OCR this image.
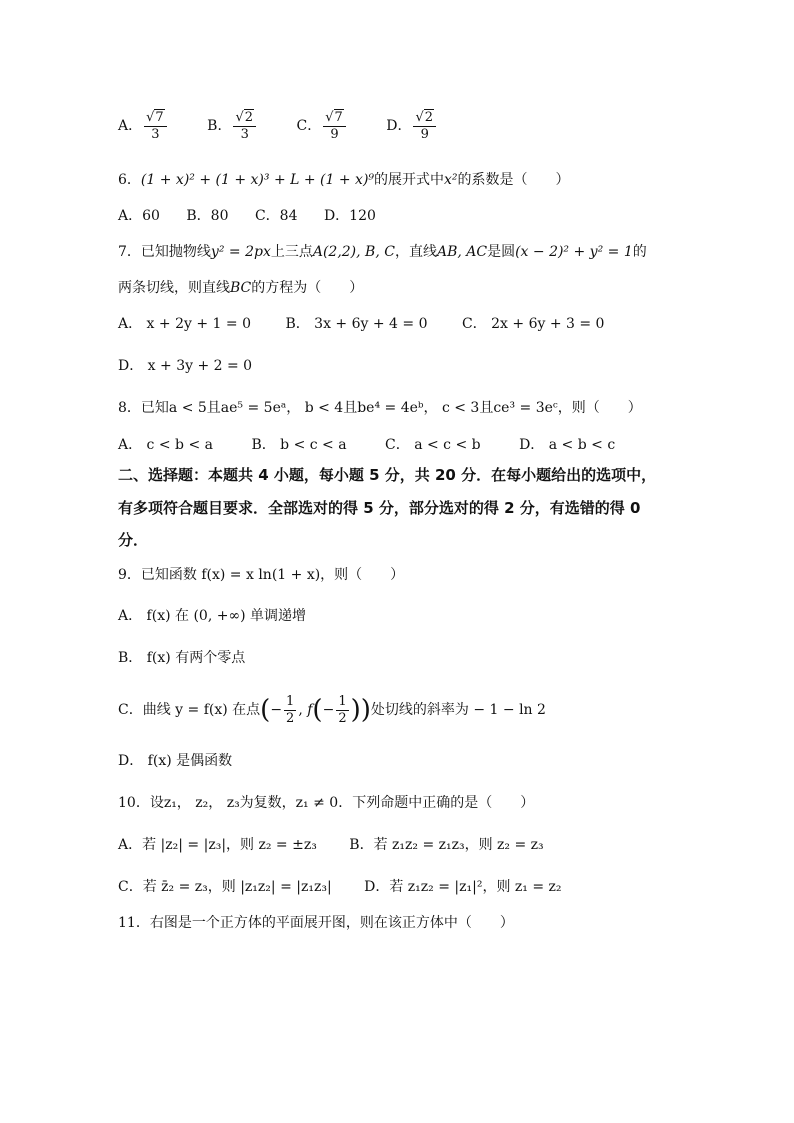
A． $\frac{√7}{3}$	B． $\frac{√2}{3}$	C． $\frac{√7}{9}$	D． $\frac{√2}{9}$
6．(1 + x)² + (1 + x)³ + L + (1 + x)⁹的展开式中x²的系数是（　　）
A．60 B．80 C．84 D．120
7．已知抛物线y² = 2px上三点A(2,2), B, C，直线AB, AC是圆(x − 2)² + y² = 1的
两条切线，则直线BC的方程为（　　）
A． x + 2y + 1 = 0 B． 3x + 6y + 4 = 0 C． 2x + 6y + 3 = 0
D． x + 3y + 2 = 0
8．已知a < 5且ae⁵ = 5eᵃ， b < 4且be⁴ = 4eᵇ， c < 3且ce³ = 3eᶜ，则（　　）
A． c < b < a	B． b < c < a	C． a < c < b	D． a < b < c
二、选择题：本题共 4 小题，每小题 5 分，共 20 分．在每小题给出的选项中，
有多项符合题目要求．全部选对的得 5 分，部分选对的得 2 分，有选错的得 0
分．
9．已知函数 f(x) = x ln(1 + x)，则（　　）
A． f(x) 在 (0, +∞) 单调递增
B． f(x) 有两个零点
C．曲线 y = f(x) 在点(− $\frac{1}{2}$ , $f(- \frac{1}{2}$ ))处切线的斜率为 − 1 − ln 2
D． f(x) 是偶函数
10．设z₁， z₂， z₃为复数，z₁ ≠ 0．下列命题中正确的是（　　）
A．若 |z₂| = |z₃|，则 z₂ = ±z₃ B．若 z₁z₂ = z₁z₃，则 z₂ = z₃
C．若 z̄₂ = z₃，则 |z₁z₂| = |z₁z₃| D．若 z₁z₂ = |z₁|²，则 z₁ = z₂
11．右图是一个正方体的平面展开图，则在该正方体中（　　）
